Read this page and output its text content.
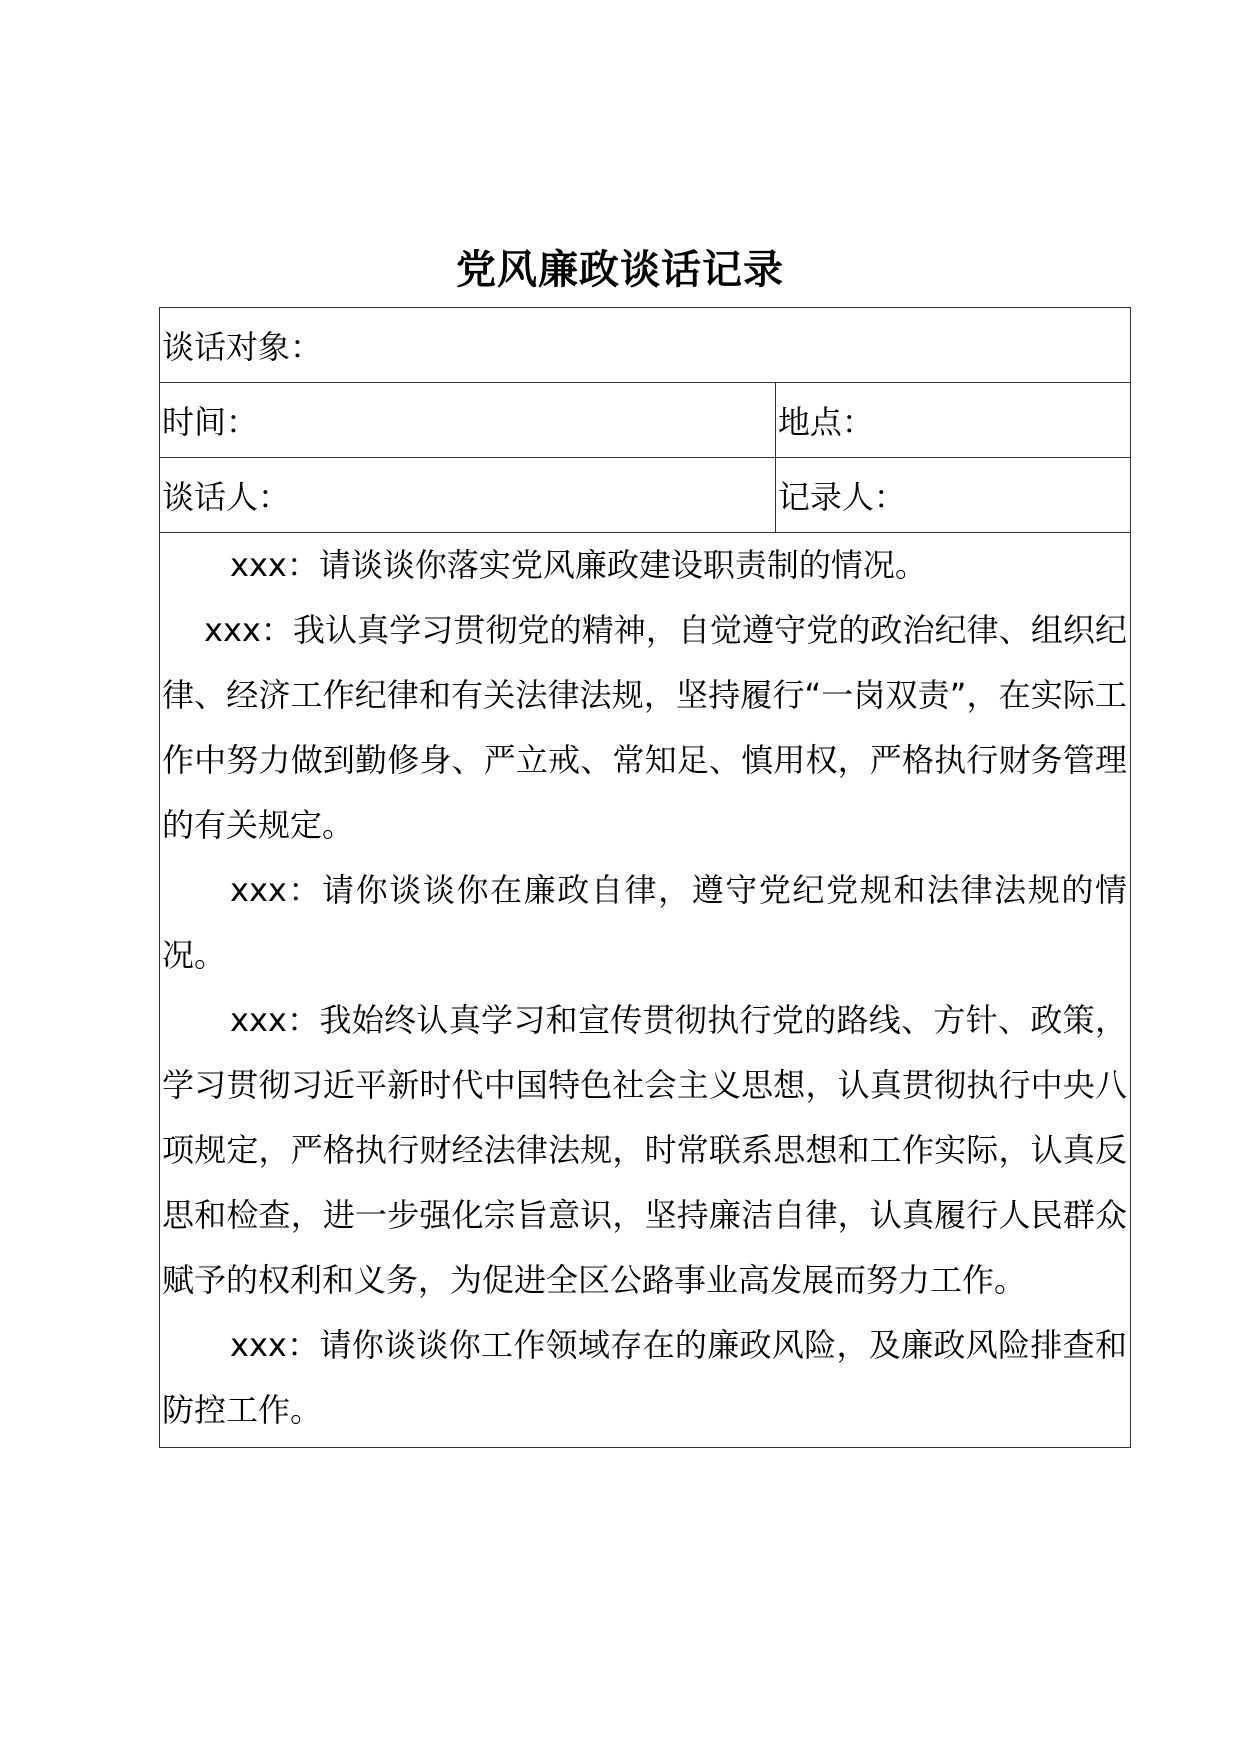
党风廉政谈话记录
谈话对象：	
时间：	地点：
谈话人：	记录人：

xxx：请谈谈你落实党风廉政建设职责制的情况。

xxx：我认真学习贯彻党的精神，自觉遵守党的政治纪律、组织纪律、经济工作纪律和有关法律法规，坚持履行“一岗双责”，在实际工作中努力做到勤修身、严立戒、常知足、慎用权，严格执行财务管理的有关规定。

xxx：请你谈谈你在廉政自律，遵守党纪党规和法律法规的情况。

xxx：我始终认真学习和宣传贯彻执行党的路线、方针、政策，学习贯彻习近平新时代中国特色社会主义思想，认真贯彻执行中央八项规定，严格执行财经法律法规，时常联系思想和工作实际，认真反思和检查，进一步强化宗旨意识，坚持廉洁自律，认真履行人民群众赋予的权利和义务，为促进全区公路事业高发展而努力工作。

xxx：请你谈谈你工作领域存在的廉政风险，及廉政风险排查和防控工作。	
